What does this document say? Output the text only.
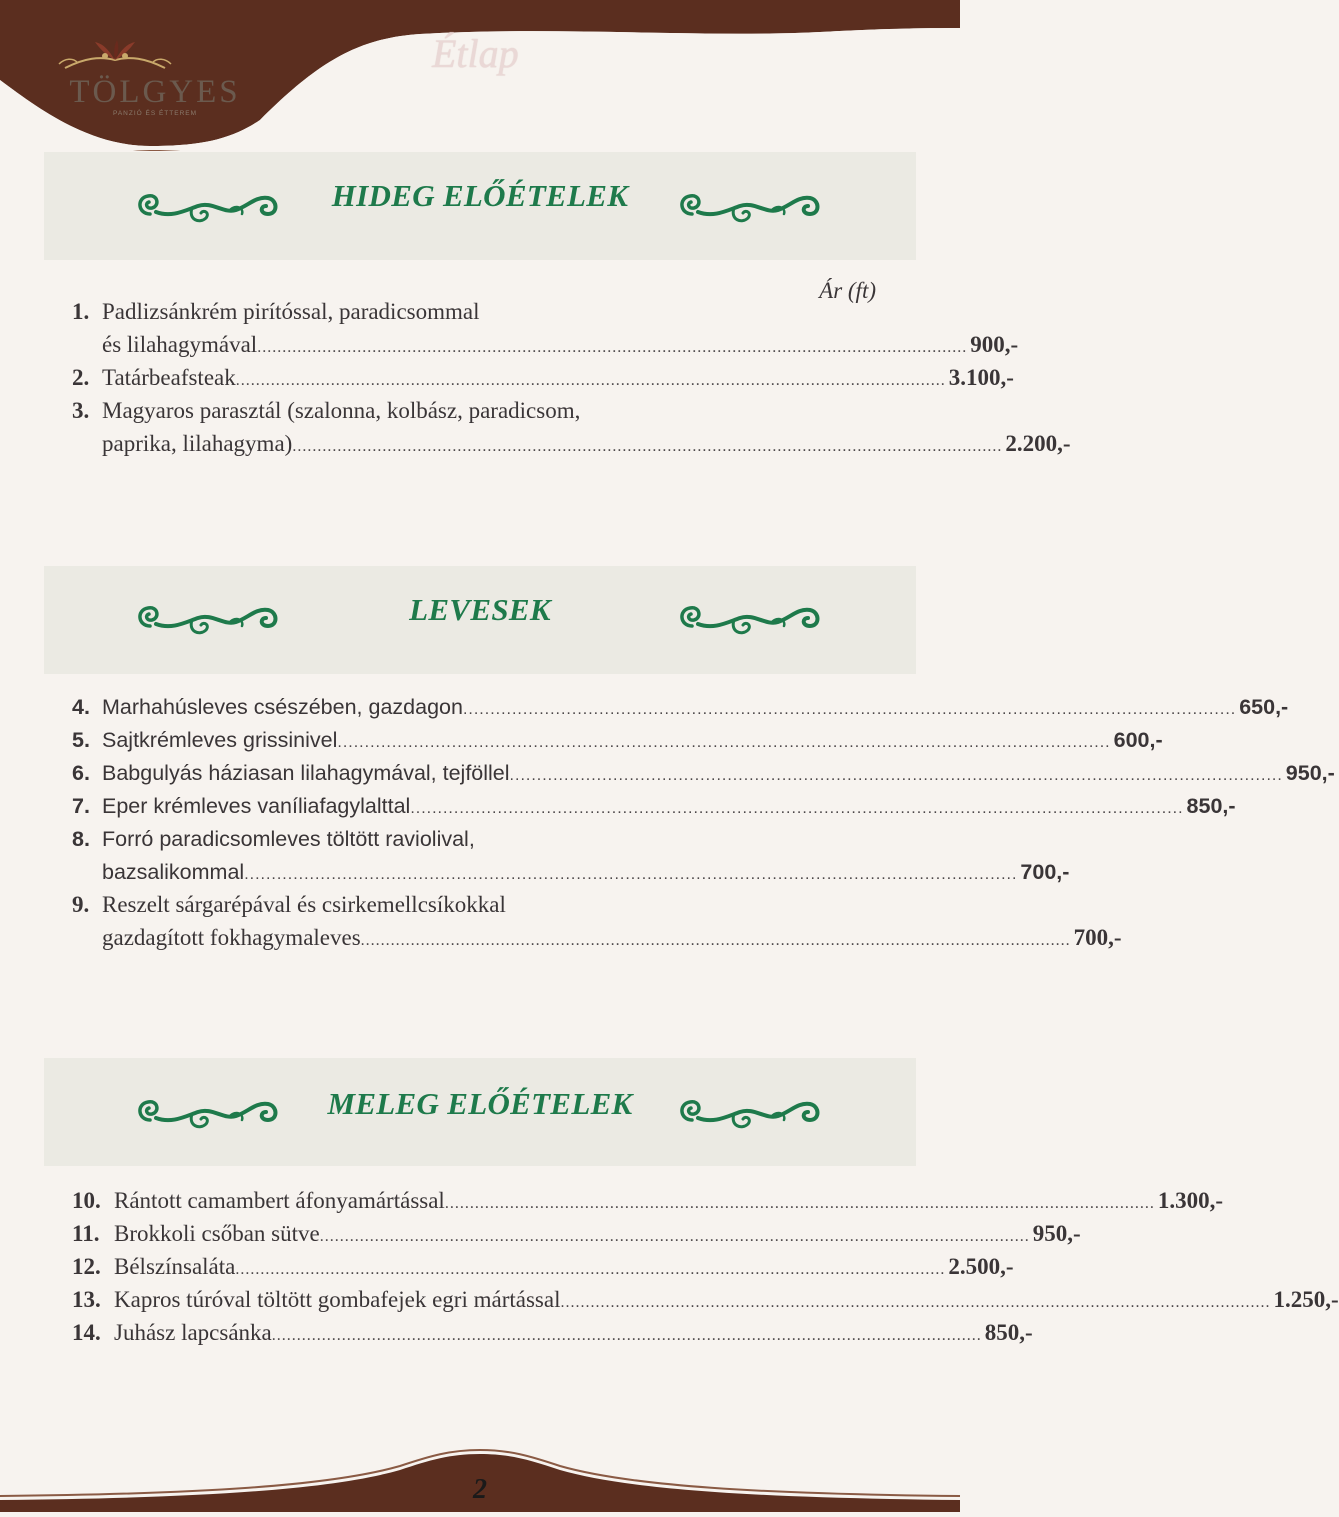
TÖLGYES
PANZIÓ ÉS ÉTTEREM
Étlap
HIDEG ELŐÉTELEK
Ár (ft)
1. Padlizsánkrém pirítóssal, paradicsommal
és lilahagymával .............................................................................................................................................. 900,-
2. Tatárbeafsteak .............................................................................................................................................. 3.100,-
3. Magyaros parasztál (szalonna, kolbász, paradicsom,
paprika, lilahagyma) .............................................................................................................................................. 2.200,-
LEVESEK
4. Marhahúsleves csészében, gazdagon .............................................................................................................................................. 650,-
5. Sajtkrémleves grissinivel .............................................................................................................................................. 600,-
6. Babgulyás háziasan lilahagymával, tejföllel .............................................................................................................................................. 950,-
7. Eper krémleves vaníliafagylalttal .............................................................................................................................................. 850,-
8. Forró paradicsomleves töltött raviolival,
bazsalikommal .............................................................................................................................................. 700,-
9. Reszelt sárgarépával és csirkemellcsíkokkal
gazdagított fokhagymaleves .............................................................................................................................................. 700,-
MELEG ELŐÉTELEK
10. Rántott camambert áfonyamártással .............................................................................................................................................. 1.300,-
11. Brokkoli csőban sütve .............................................................................................................................................. 950,-
12. Bélszínsaláta .............................................................................................................................................. 2.500,-
13. Kapros túróval töltött gombafejek egri mártással .............................................................................................................................................. 1.250,-
14. Juhász lapcsánka .............................................................................................................................................. 850,-
2
